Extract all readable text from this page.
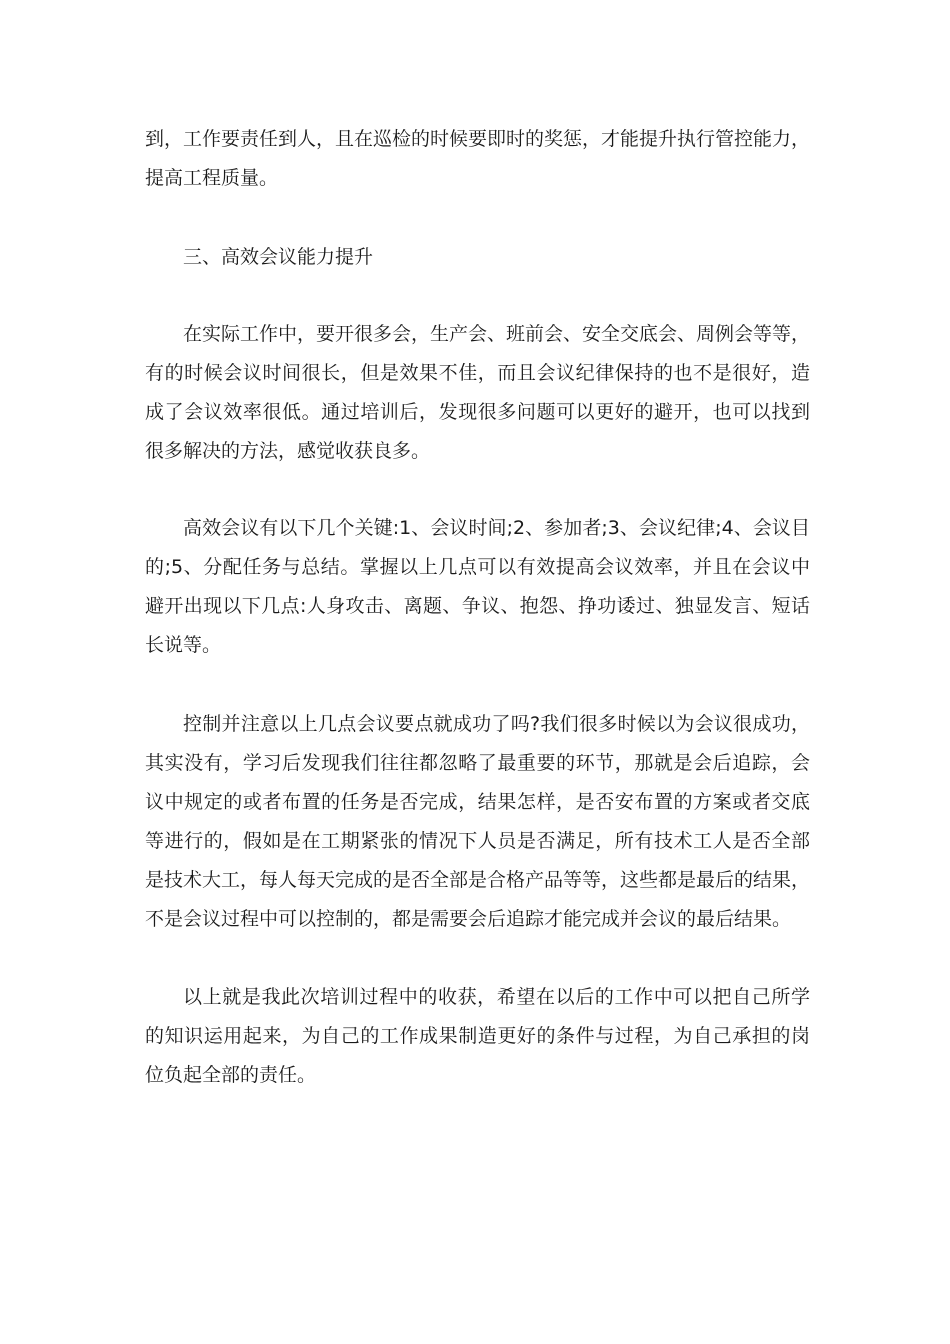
到，工作要责任到人，且在巡检的时候要即时的奖惩，才能提升执行管控能力，

提高工程质量。

三、高效会议能力提升

在实际工作中，要开很多会，生产会、班前会、安全交底会、周例会等等，

有的时候会议时间很长，但是效果不佳，而且会议纪律保持的也不是很好，造

成了会议效率很低。通过培训后，发现很多问题可以更好的避开，也可以找到

很多解决的方法，感觉收获良多。

高效会议有以下几个关键:1、会议时间;2、参加者;3、会议纪律;4、会议目

的;5、分配任务与总结。掌握以上几点可以有效提高会议效率，并且在会议中

避开出现以下几点:人身攻击、离题、争议、抱怨、挣功诿过、独显发言、短话

长说等。

控制并注意以上几点会议要点就成功了吗?我们很多时候以为会议很成功，

其实没有，学习后发现我们往往都忽略了最重要的环节，那就是会后追踪，会

议中规定的或者布置的任务是否完成，结果怎样，是否安布置的方案或者交底

等进行的，假如是在工期紧张的情况下人员是否满足，所有技术工人是否全部

是技术大工，每人每天完成的是否全部是合格产品等等，这些都是最后的结果，

不是会议过程中可以控制的，都是需要会后追踪才能完成并会议的最后结果。

以上就是我此次培训过程中的收获，希望在以后的工作中可以把自己所学

的知识运用起来，为自己的工作成果制造更好的条件与过程，为自己承担的岗

位负起全部的责任。
